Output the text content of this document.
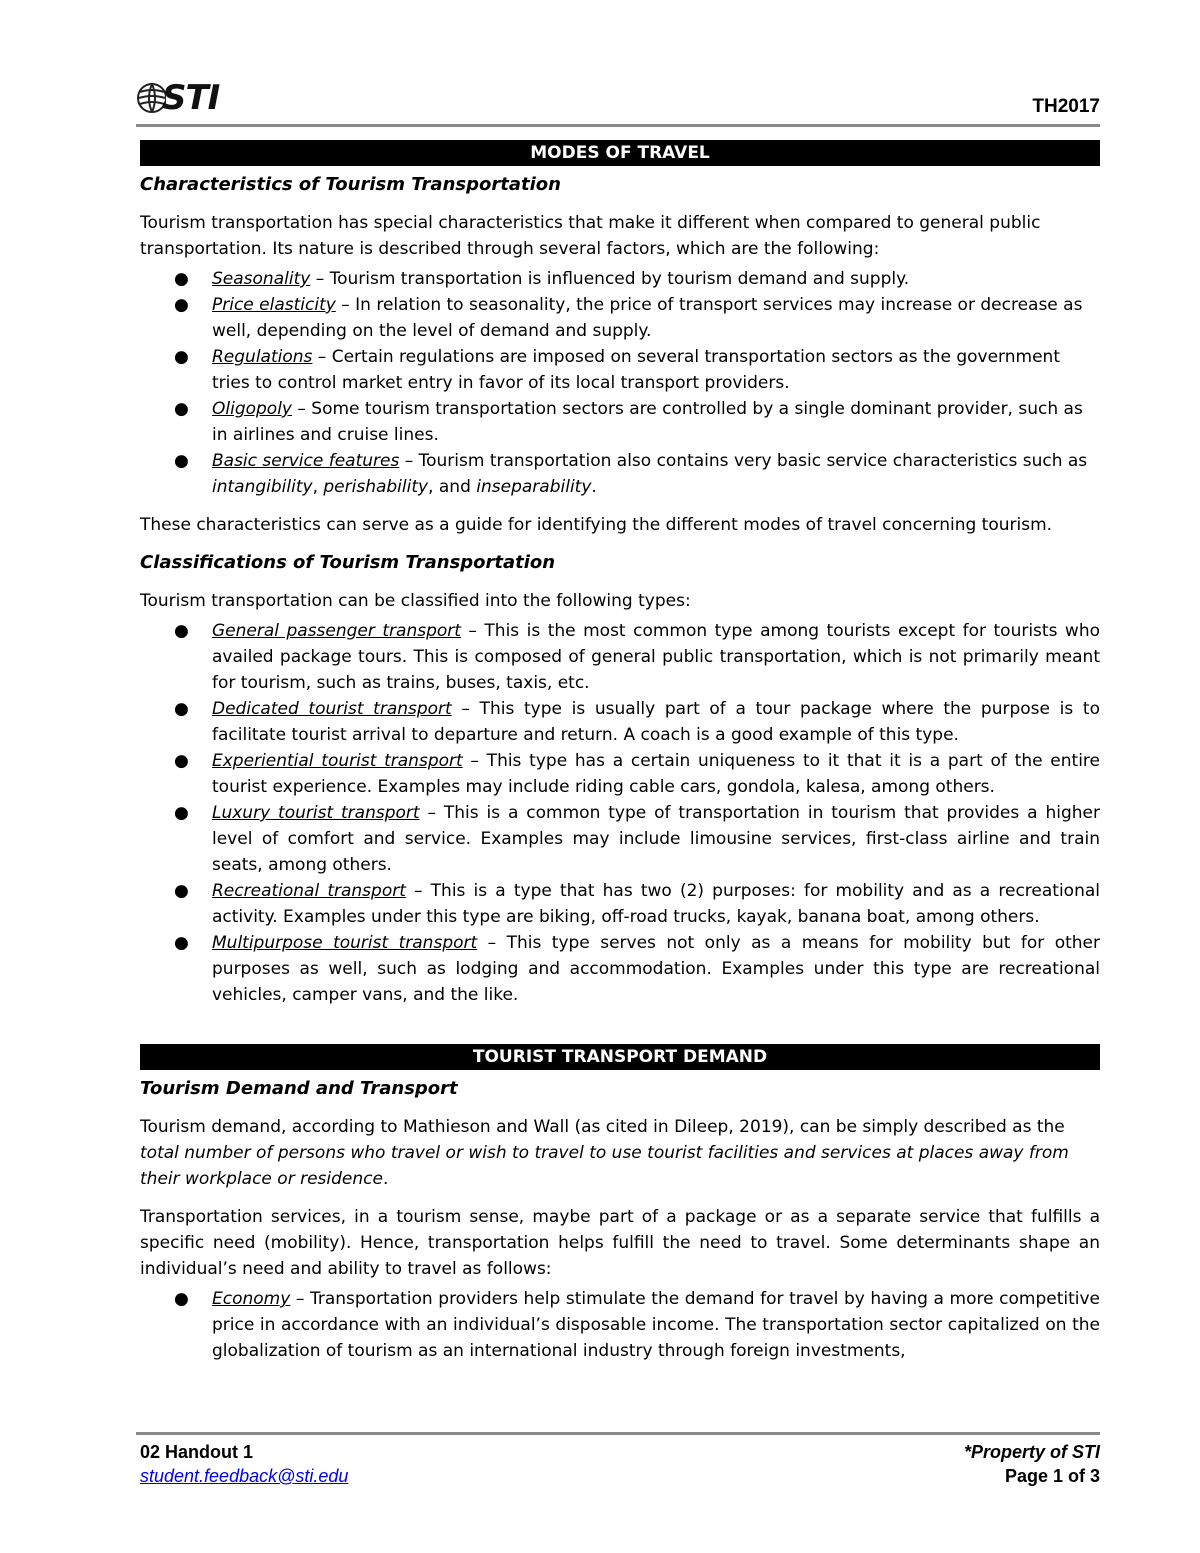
STI	TH2017
MODES OF TRAVEL
Characteristics of Tourism Transportation

Tourism transportation has special characteristics that make it different when compared to general public transportation. Its nature is described through several factors, which are the following:

● Seasonality – Tourism transportation is influenced by tourism demand and supply.
● Price elasticity – In relation to seasonality, the price of transport services may increase or decrease as well, depending on the level of demand and supply.
● Regulations – Certain regulations are imposed on several transportation sectors as the government tries to control market entry in favor of its local transport providers.
● Oligopoly – Some tourism transportation sectors are controlled by a single dominant provider, such as in airlines and cruise lines.
● Basic service features – Tourism transportation also contains very basic service characteristics such as intangibility, perishability, and inseparability.

These characteristics can serve as a guide for identifying the different modes of travel concerning tourism.

Classifications of Tourism Transportation

Tourism transportation can be classified into the following types:

● General passenger transport – This is the most common type among tourists except for tourists who availed package tours. This is composed of general public transportation, which is not primarily meant for tourism, such as trains, buses, taxis, etc.
● Dedicated tourist transport – This type is usually part of a tour package where the purpose is to facilitate tourist arrival to departure and return. A coach is a good example of this type.
● Experiential tourist transport – This type has a certain uniqueness to it that it is a part of the entire tourist experience. Examples may include riding cable cars, gondola, kalesa, among others.
● Luxury tourist transport – This is a common type of transportation in tourism that provides a higher level of comfort and service. Examples may include limousine services, first-class airline and train seats, among others.
● Recreational transport – This is a type that has two (2) purposes: for mobility and as a recreational activity. Examples under this type are biking, off-road trucks, kayak, banana boat, among others.
● Multipurpose tourist transport – This type serves not only as a means for mobility but for other purposes as well, such as lodging and accommodation. Examples under this type are recreational vehicles, camper vans, and the like.
TOURIST TRANSPORT DEMAND
Tourism Demand and Transport

Tourism demand, according to Mathieson and Wall (as cited in Dileep, 2019), can be simply described as the total number of persons who travel or wish to travel to use tourist facilities and services at places away from their workplace or residence.

Transportation services, in a tourism sense, maybe part of a package or as a separate service that fulfills a specific need (mobility). Hence, transportation helps fulfill the need to travel. Some determinants shape an individual’s need and ability to travel as follows:

● Economy – Transportation providers help stimulate the demand for travel by having a more competitive price in accordance with an individual’s disposable income. The transportation sector capitalized on the globalization of tourism as an international industry through foreign investments,
02 Handout 1
student.feedback@sti.edu
*Property of STI
Page 1 of 3
